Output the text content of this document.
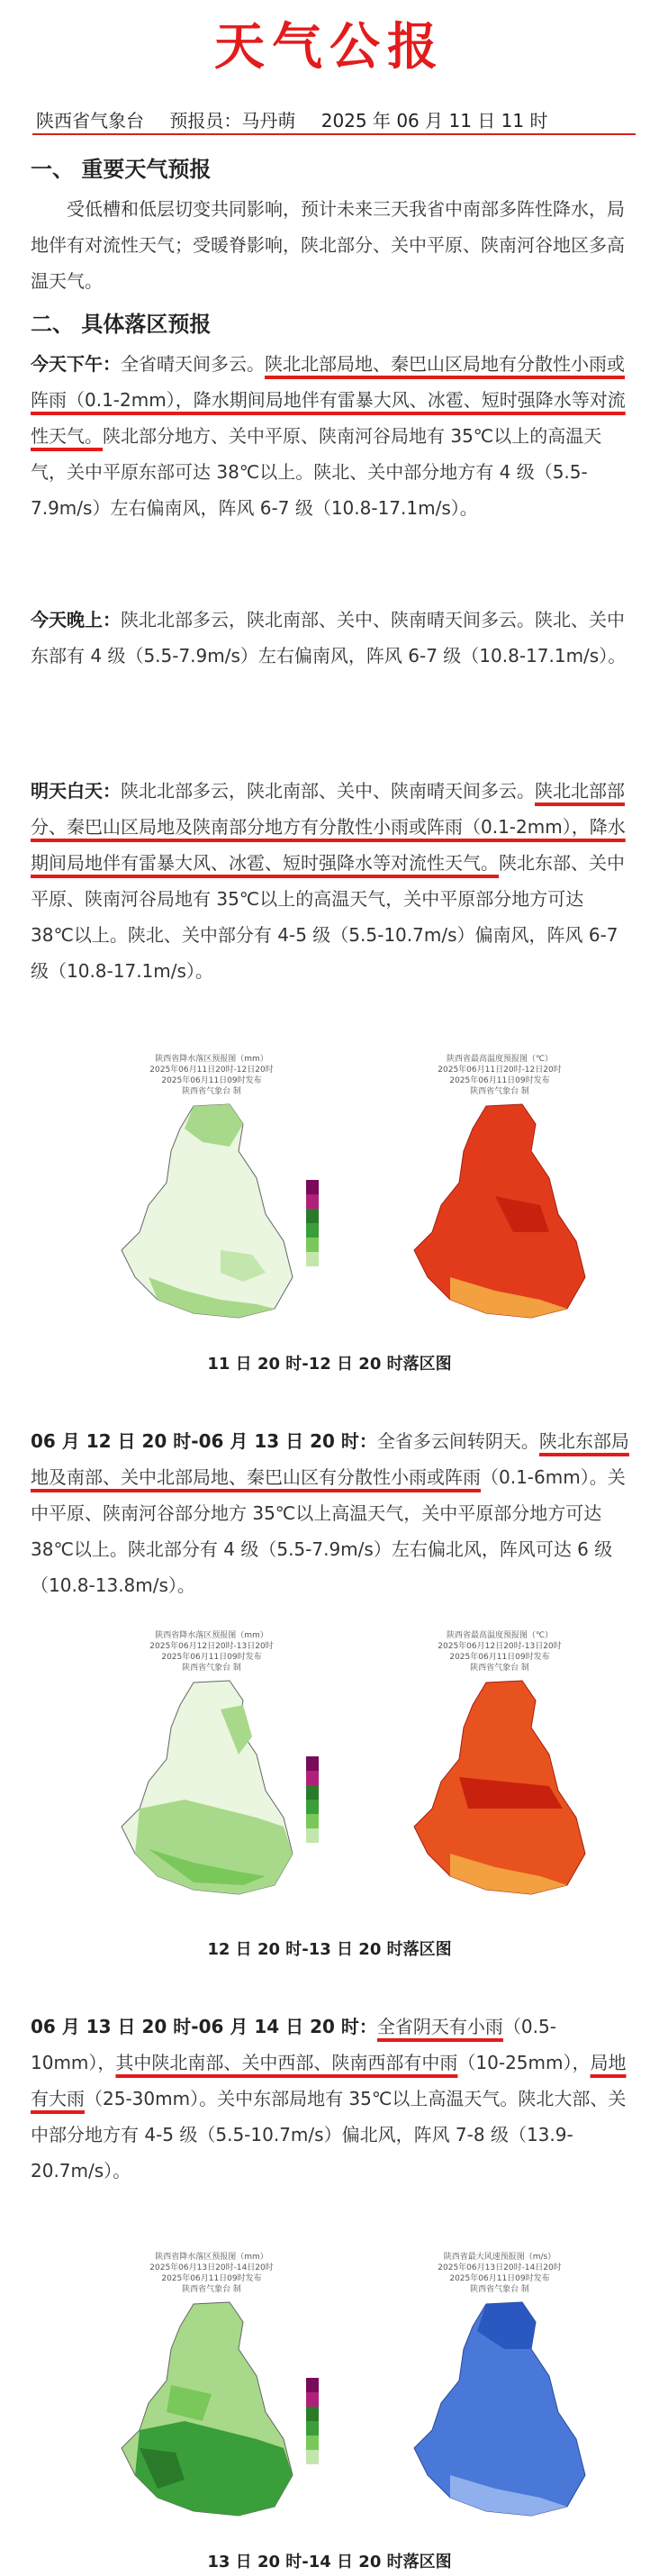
天气公报
陕西省气象台 预报员：马丹萌 2025 年 06 月 11 日 11 时
一、 重要天气预报
受低槽和低层切变共同影响，预计未来三天我省中南部多阵性降水，局地伴有对流性天气；受暖脊影响，陕北部分、关中平原、陕南河谷地区多高温天气。
二、 具体落区预报
今天下午：全省晴天间多云。陕北北部局地、秦巴山区局地有分散性小雨或阵雨（0.1-2mm），降水期间局地伴有雷暴大风、冰雹、短时强降水等对流性天气。陕北部分地方、关中平原、陕南河谷局地有 35℃以上的高温天气，关中平原东部可达 38℃以上。陕北、关中部分地方有 4 级（5.5-7.9m/s）左右偏南风，阵风 6-7 级（10.8-17.1m/s）。
今天晚上：陕北北部多云，陕北南部、关中、陕南晴天间多云。陕北、关中东部有 4 级（5.5-7.9m/s）左右偏南风，阵风 6-7 级（10.8-17.1m/s）。
明天白天：陕北北部多云，陕北南部、关中、陕南晴天间多云。陕北北部部分、秦巴山区局地及陕南部分地方有分散性小雨或阵雨（0.1-2mm），降水期间局地伴有雷暴大风、冰雹、短时强降水等对流性天气。陕北东部、关中平原、陕南河谷局地有 35℃以上的高温天气，关中平原部分地方可达 38℃以上。陕北、关中部分有 4-5 级（5.5-10.7m/s）偏南风，阵风 6-7 级（10.8-17.1m/s）。
陕西省降水落区预报图（mm）
2025年06月11日20时-12日20时
2025年06月11日09时发布
陕西省气象台 制
陕西省最高温度预报图（℃）
2025年06月11日20时-12日20时
2025年06月11日09时发布
陕西省气象台 制
11 日 20 时-12 日 20 时落区图
06 月 12 日 20 时-06 月 13 日 20 时：全省多云间转阴天。陕北东部局地及南部、关中北部局地、秦巴山区有分散性小雨或阵雨（0.1-6mm）。关中平原、陕南河谷部分地方 35℃以上高温天气，关中平原部分地方可达 38℃以上。陕北部分有 4 级（5.5-7.9m/s）左右偏北风，阵风可达 6 级（10.8-13.8m/s）。
陕西省降水落区预报图（mm）
2025年06月12日20时-13日20时
2025年06月11日09时发布
陕西省气象台 制
陕西省最高温度预报图（℃）
2025年06月12日20时-13日20时
2025年06月11日09时发布
陕西省气象台 制
12 日 20 时-13 日 20 时落区图
06 月 13 日 20 时-06 月 14 日 20 时：全省阴天有小雨（0.5-10mm），其中陕北南部、关中西部、陕南西部有中雨（10-25mm），局地有大雨（25-30mm）。关中东部局地有 35℃以上高温天气。陕北大部、关中部分地方有 4-5 级（5.5-10.7m/s）偏北风，阵风 7-8 级（13.9-20.7m/s）。
陕西省降水落区预报图（mm）
2025年06月13日20时-14日20时
2025年06月11日09时发布
陕西省气象台 制
陕西省最大风速预报图（m/s）
2025年06月13日20时-14日20时
2025年06月11日09时发布
陕西省气象台 制
13 日 20 时-14 日 20 时落区图
